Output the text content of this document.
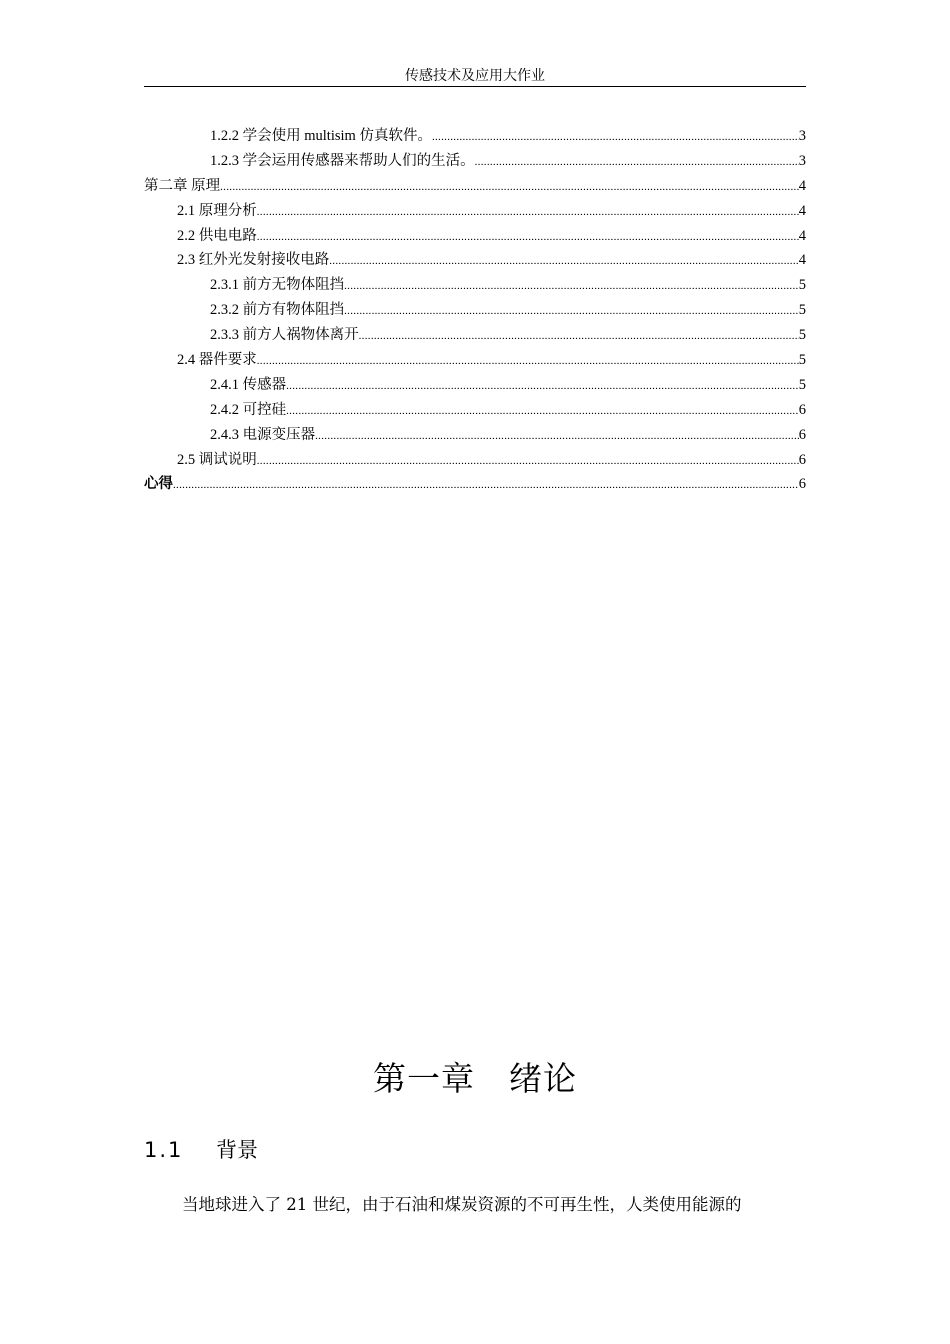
传感技术及应用大作业
1.2.2 学会使用 multisim 仿真软件。 .....	3
1.2.3 学会运用传感器来帮助人们的生活。 .....	3
第二章 原理 .....	4
2.1 原理分析 .....	4
2.2 供电电路 .....	4
2.3 红外光发射接收电路 .....	4
2.3.1 前方无物体阻挡 .....	5
2.3.2 前方有物体阻挡 .....	5
2.3.3 前方人祸物体离开 .....	5
2.4 器件要求 .....	5
2.4.1 传感器 .....	5
2.4.2 可控硅 .....	6
2.4.3 电源变压器 .....	6
2.5 调试说明 .....	6
心得 .....	6
第一章　绪论
1.1	背景
当地球进入了 21 世纪，由于石油和煤炭资源的不可再生性，人类使用能源的
